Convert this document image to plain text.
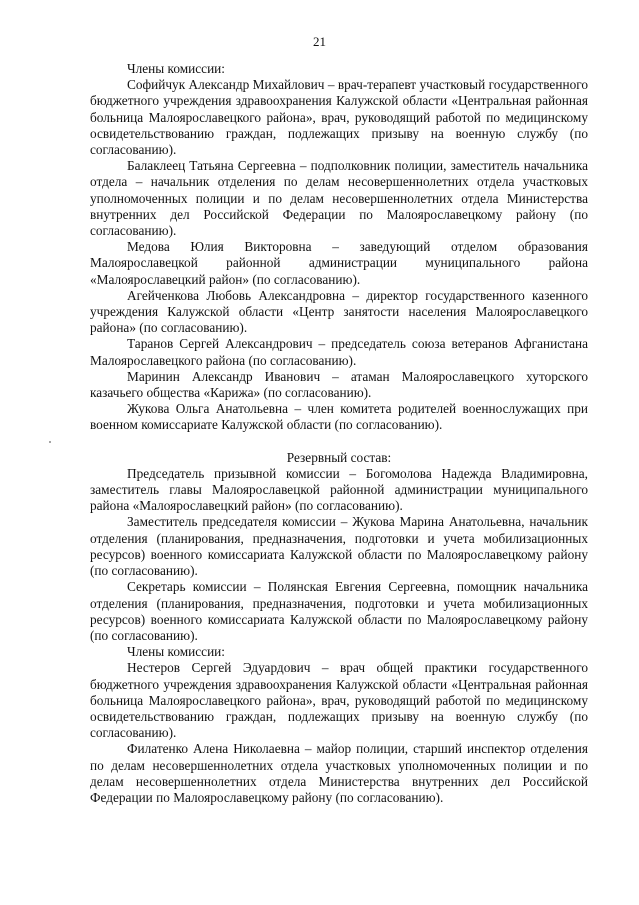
21

Члены комиссии:

Софийчук Александр Михайлович – врач-терапевт участковый государственного бюджетного учреждения здравоохранения Калужской области «Центральная районная больница Малоярославецкого района», врач, руководящий работой по медицинскому освидетельствованию граждан, подлежащих призыву на военную службу (по согласованию).

Балаклеец Татьяна Сергеевна – подполковник полиции, заместитель начальника отдела – начальник отделения по делам несовершеннолетних отдела участковых уполномоченных полиции и по делам несовершеннолетних отдела Министерства внутренних дел Российской Федерации по Малоярославецкому району (по согласованию).

Медова Юлия Викторовна – заведующий отделом образования Малоярославецкой районной администрации муниципального района «Малоярославецкий район» (по согласованию).

Агейченкова Любовь Александровна – директор государственного казенного учреждения Калужской области «Центр занятости населения Малоярославецкого района» (по согласованию).

Таранов Сергей Александрович – председатель союза ветеранов Афганистана Малоярославецкого района (по согласованию).

Маринин Александр Иванович – атаман Малоярославецкого хуторского казачьего общества «Карижа» (по согласованию).

Жукова Ольга Анатольевна – член комитета родителей военнослужащих при военном комиссариате Калужской области (по согласованию).

Резервный состав:

Председатель призывной комиссии – Богомолова Надежда Владимировна, заместитель главы Малоярославецкой районной администрации муниципального района «Малоярославецкий район» (по согласованию).

Заместитель председателя комиссии – Жукова Марина Анатольевна, начальник отделения (планирования, предназначения, подготовки и учета мобилизационных ресурсов) военного комиссариата Калужской области по Малоярославецкому району (по согласованию).

Секретарь комиссии – Полянская Евгения Сергеевна, помощник начальника отделения (планирования, предназначения, подготовки и учета мобилизационных ресурсов) военного комиссариата Калужской области по Малоярославецкому району (по согласованию).

Члены комиссии:

Нестеров Сергей Эдуардович – врач общей практики государственного бюджетного учреждения здравоохранения Калужской области «Центральная районная больница Малоярославецкого района», врач, руководящий работой по медицинскому освидетельствованию граждан, подлежащих призыву на военную службу (по согласованию).

Филатенко Алена Николаевна – майор полиции, старший инспектор отделения по делам несовершеннолетних отдела участковых уполномоченных полиции и по делам несовершеннолетних отдела Министерства внутренних дел Российской Федерации по Малоярославецкому району (по согласованию).
